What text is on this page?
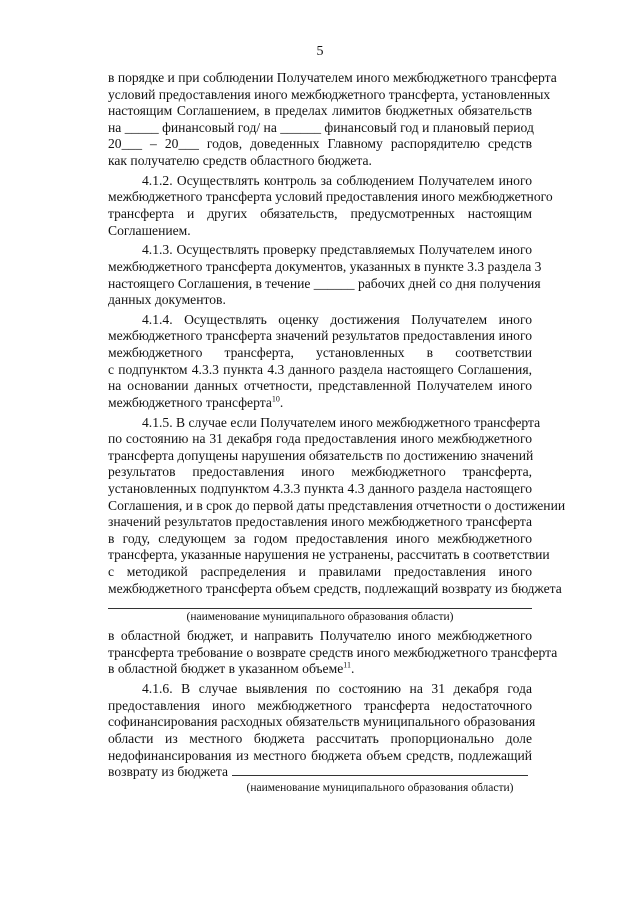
5
в порядке и при соблюдении Получателем иного межбюджетного трансферта
условий предоставления иного межбюджетного трансферта, установленных
настоящим Соглашением, в пределах лимитов бюджетных обязательств
на _____ финансовый год/ на ______ финансовый год и плановый период
20___ – 20___ годов, доведенных Главному распорядителю средств
как получателю средств областного бюджета.
4.1.2. Осуществлять контроль за соблюдением Получателем иного
межбюджетного трансферта условий предоставления иного межбюджетного
трансферта и других обязательств, предусмотренных настоящим
Соглашением.
4.1.3. Осуществлять проверку представляемых Получателем иного
межбюджетного трансферта документов, указанных в пункте 3.3 раздела 3
настоящего Соглашения, в течение ______ рабочих дней со дня получения
данных документов.
4.1.4. Осуществлять оценку достижения Получателем иного
межбюджетного трансферта значений результатов предоставления иного
межбюджетного трансферта, установленных в соответствии
с подпунктом 4.3.3 пункта 4.3 данного раздела настоящего Соглашения,
на основании данных отчетности, представленной Получателем иного
межбюджетного трансферта$^{10}$.
4.1.5. В случае если Получателем иного межбюджетного трансферта
по состоянию на 31 декабря года предоставления иного межбюджетного
трансферта допущены нарушения обязательств по достижению значений
результатов предоставления иного межбюджетного трансферта,
установленных подпунктом 4.3.3 пункта 4.3 данного раздела настоящего
Соглашения, и в срок до первой даты представления отчетности о достижении
значений результатов предоставления иного межбюджетного трансферта
в году, следующем за годом предоставления иного межбюджетного
трансферта, указанные нарушения не устранены, рассчитать в соответствии
с методикой распределения и правилами предоставления иного
межбюджетного трансферта объем средств, подлежащий возврату из бюджета
(наименование муниципального образования области)
в областной бюджет, и направить Получателю иного межбюджетного
трансферта требование о возврате средств иного межбюджетного трансферта
в областной бюджет в указанном объеме$^{11}$.
4.1.6. В случае выявления по состоянию на 31 декабря года
предоставления иного межбюджетного трансферта недостаточного
софинансирования расходных обязательств муниципального образования
области из местного бюджета рассчитать пропорционально доле
недофинансирования из местного бюджета объем средств, подлежащий
возврату из бюджета
(наименование муниципального образования области)
